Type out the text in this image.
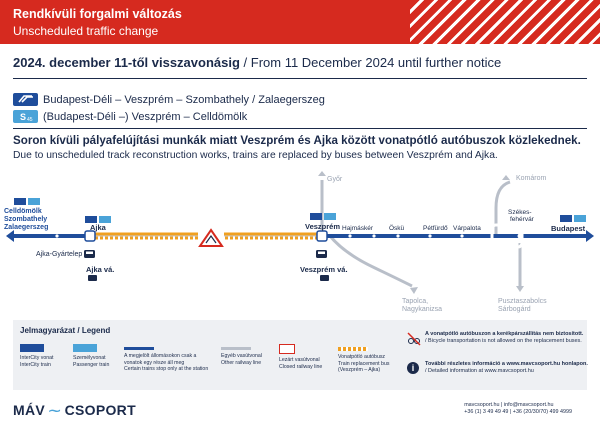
Rendkívüli forgalmi változás
Unscheduled traffic change
2024. december 11-től visszavonásig / From 11 December 2024 until further notice
Budapest-Déli – Veszprém – Szombathely / Zalaegerszeg
S 45 (Budapest-Déli –) Veszprém – Celldömölk
Soron kívüli pályafelújítási munkák miatt Veszprém és Ajka között vonatpótló autóbuszok közlekednek.
Due to unscheduled track reconstruction works, trains are replaced by buses between Veszprém and Ajka.
Győr	Komárom
Tapolca, Nagykanizsa
Pusztaszabolcs Sárbogárd
Celldömölk Szombathely Zalaegerszeg	Ajka
Ajka-Gyártelep
Ajka vá.
Veszprém
Veszprém vá.
Hajmáskér Öskü	Pétfürdő Várpalota
Székes- fehérvár
Budapest
Jelmagyarázat / Legend
InterCity vonat
InterCity train
Személyvonat
Passenger train
A megjelölt állomásokon csak a vonatok egy része áll meg
Certain trains stop only at the station
Egyéb vasútvonal
Other railway line	Lezárt vasútvonal
Closed railway line
Vonatpótló autóbusz
Train replacement bus (Veszprém – Ajka)
A vonatpótló autóbuszon a kerékpárszállítás nem biztosított.
/ Bicycle transportation is not allowed on the replacement buses.
i	További részletes információ a www.mavcsoport.hu honlapon.
/ Detailed information at www.mavcsoport.hu
MÁV ⁓ CSOPORT	mavcsoport.hu | info@mavcsoport.hu
+36 (1) 3 49 49 49 | +36 (20/30/70) 499 4999
